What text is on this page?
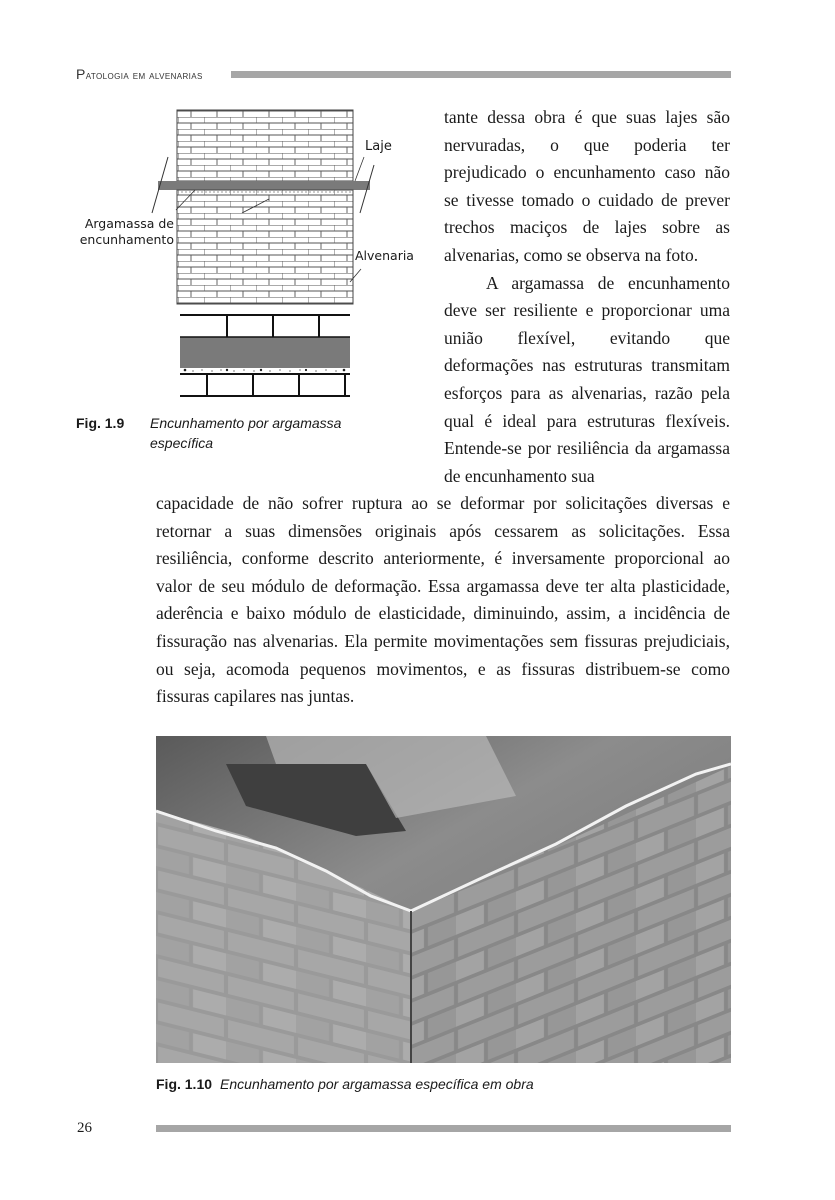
Patologia em alvenarias
Laje
Argamassa de
encunhamento
Alvenaria
Fig. 1.9 Encunhamento por argamassa específica

tante dessa obra é que suas lajes são nervuradas, o que poderia ter prejudicado o encunhamento caso não se tivesse tomado o cuidado de prever trechos maciços de lajes sobre as alvenarias, como se observa na foto.

A argamassa de encunhamento deve ser resiliente e proporcionar uma união flexível, evitando que deformações nas estruturas transmitam esforços para as alvenarias, razão pela qual é ideal para estruturas flexíveis. Entende-se por resiliência da argamassa de encunhamento sua

capacidade de não sofrer ruptura ao se deformar por solicitações diversas e retornar a suas dimensões originais após cessarem as solicitações. Essa resiliência, conforme descrito anteriormente, é inversamente proporcional ao valor de seu módulo de deformação. Essa argamassa deve ter alta plasticidade, aderência e baixo módulo de elasticidade, diminuindo, assim, a incidência de fissuração nas alvenarias. Ela permite movimentações sem fissuras prejudiciais, ou seja, acomoda pequenos movimentos, e as fissuras distribuem-se como fissuras capilares nas juntas.

Fig. 1.10 Encunhamento por argamassa específica em obra
26
